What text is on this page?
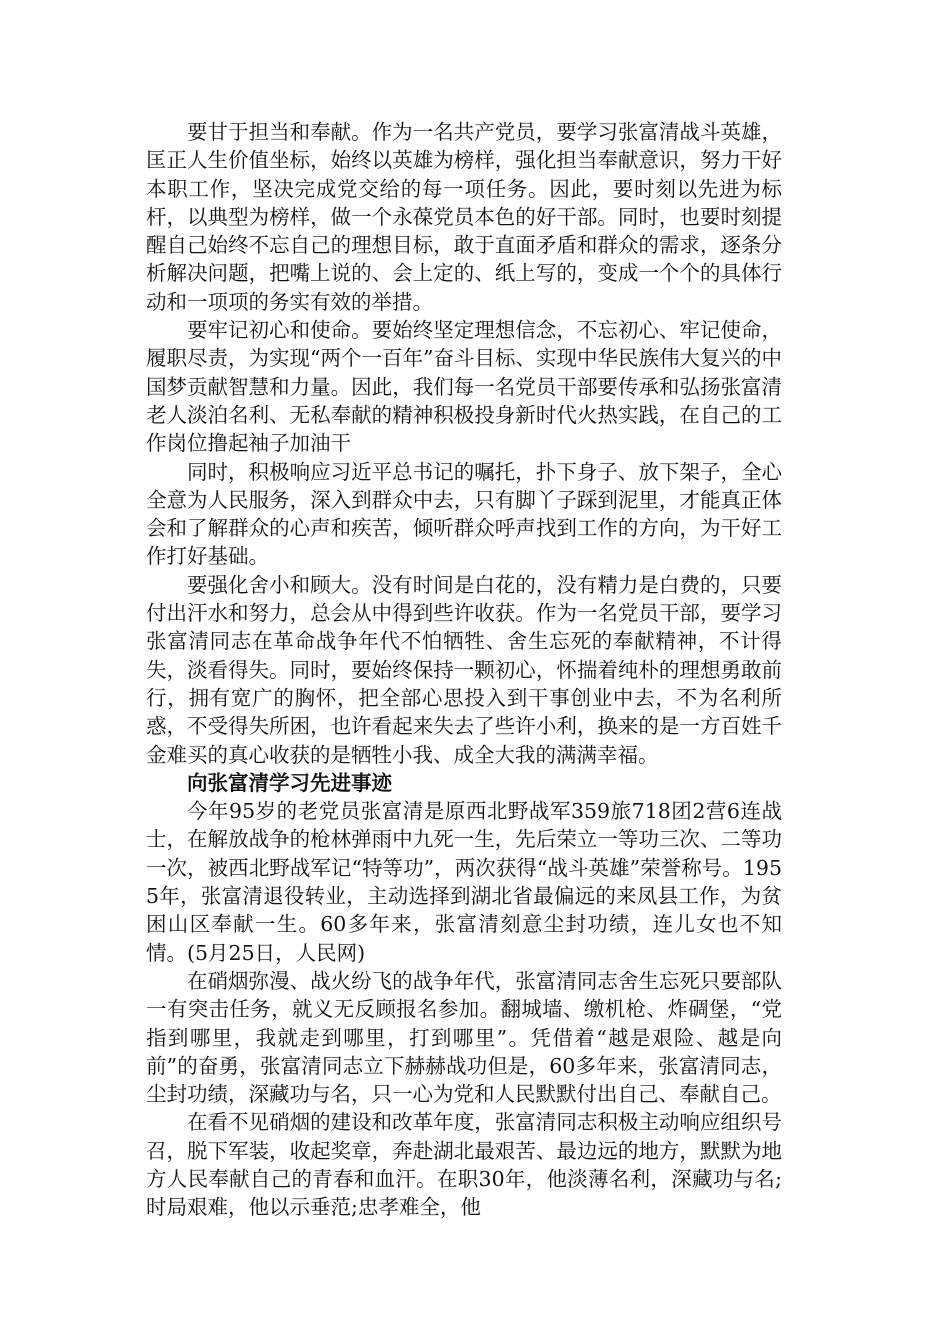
要甘于担当和奉献。作为一名共产党员，要学习张富清战斗英雄，匡正人生价值坐标，始终以英雄为榜样，强化担当奉献意识，努力干好本职工作，坚决完成党交给的每一项任务。因此，要时刻以先进为标杆，以典型为榜样，做一个永葆党员本色的好干部。同时，也要时刻提醒自己始终不忘自己的理想目标，敢于直面矛盾和群众的需求，逐条分析解决问题，把嘴上说的、会上定的、纸上写的，变成一个个的具体行动和一项项的务实有效的举措。

要牢记初心和使命。要始终坚定理想信念，不忘初心、牢记使命，履职尽责，为实现“两个一百年”奋斗目标、实现中华民族伟大复兴的中国梦贡献智慧和力量。因此，我们每一名党员干部要传承和弘扬张富清老人淡泊名利、无私奉献的精神积极投身新时代火热实践，在自己的工作岗位撸起袖子加油干

同时，积极响应习近平总书记的嘱托，扑下身子、放下架子，全心全意为人民服务，深入到群众中去，只有脚丫子踩到泥里，才能真正体会和了解群众的心声和疾苦，倾听群众呼声找到工作的方向，为干好工作打好基础。

要强化舍小和顾大。没有时间是白花的，没有精力是白费的，只要付出汗水和努力，总会从中得到些许收获。作为一名党员干部，要学习张富清同志在革命战争年代不怕牺牲、舍生忘死的奉献精神，不计得失，淡看得失。同时，要始终保持一颗初心，怀揣着纯朴的理想勇敢前行，拥有宽广的胸怀，把全部心思投入到干事创业中去，不为名利所惑，不受得失所困，也许看起来失去了些许小利，换来的是一方百姓千金难买的真心收获的是牺牲小我、成全大我的满满幸福。

向张富清学习先进事迹

今年95岁的老党员张富清是原西北野战军359旅718团2营6连战士，在解放战争的枪林弹雨中九死一生，先后荣立一等功三次、二等功一次，被西北野战军记“特等功”，两次获得“战斗英雄”荣誉称号。1955年，张富清退役转业，主动选择到湖北省最偏远的来凤县工作，为贫困山区奉献一生。60多年来，张富清刻意尘封功绩，连儿女也不知情。(5月25日，人民网)

在硝烟弥漫、战火纷飞的战争年代，张富清同志舍生忘死只要部队一有突击任务，就义无反顾报名参加。翻城墙、缴机枪、炸碉堡，“党指到哪里，我就走到哪里，打到哪里”。凭借着“越是艰险、越是向前”的奋勇，张富清同志立下赫赫战功但是，60多年来，张富清同志，尘封功绩，深藏功与名，只一心为党和人民默默付出自己、奉献自己。

在看不见硝烟的建设和改革年度，张富清同志积极主动响应组织号召，脱下军装，收起奖章，奔赴湖北最艰苦、最边远的地方，默默为地方人民奉献自己的青春和血汗。在职30年，他淡薄名利，深藏功与名;时局艰难，他以示垂范;忠孝难全，他
